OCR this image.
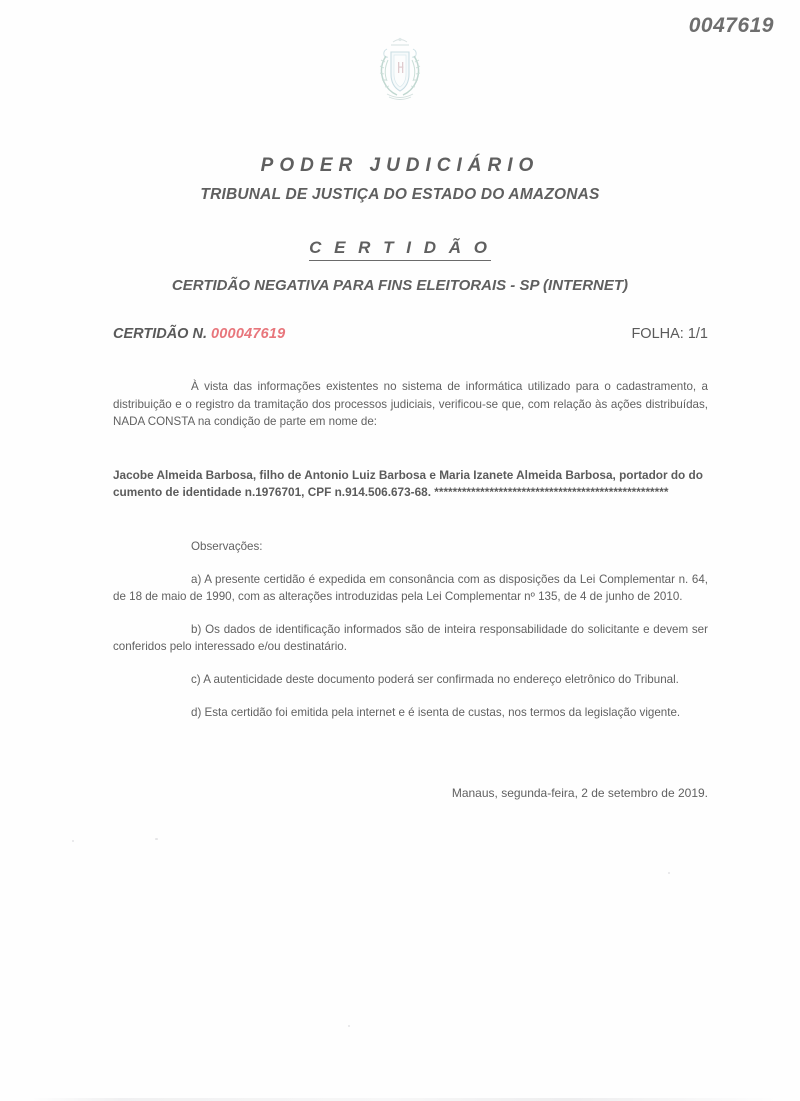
0047619

PODER JUDICIÁRIO

TRIBUNAL DE JUSTIÇA DO ESTADO DO AMAZONAS

C E R T I D Ã O

CERTIDÃO NEGATIVA PARA FINS ELEITORAIS - SP (INTERNET)

CERTIDÃO N. 000047619	FOLHA: 1/1

À vista das informações existentes no sistema de informática utilizado para o cadastramento, a distribuição e o registro da tramitação dos processos judiciais, verificou-se que, com relação às ações distribuídas, NADA CONSTA na condição de parte em nome de:

Jacobe Almeida Barbosa, filho de Antonio Luiz Barbosa e Maria Izanete Almeida Barbosa, portador do documento de identidade n.1976701, CPF n.914.506.673-68. ***************************************************

Observações:

a) A presente certidão é expedida em consonância com as disposições da Lei Complementar n. 64, de 18 de maio de 1990, com as alterações introduzidas pela Lei Complementar nº 135, de 4 de junho de 2010.

b) Os dados de identificação informados são de inteira responsabilidade do solicitante e devem ser conferidos pelo interessado e/ou destinatário.

c) A autenticidade deste documento poderá ser confirmada no endereço eletrônico do Tribunal.

d) Esta certidão foi emitida pela internet e é isenta de custas, nos termos da legislação vigente.

Manaus, segunda-feira, 2 de setembro de 2019.
